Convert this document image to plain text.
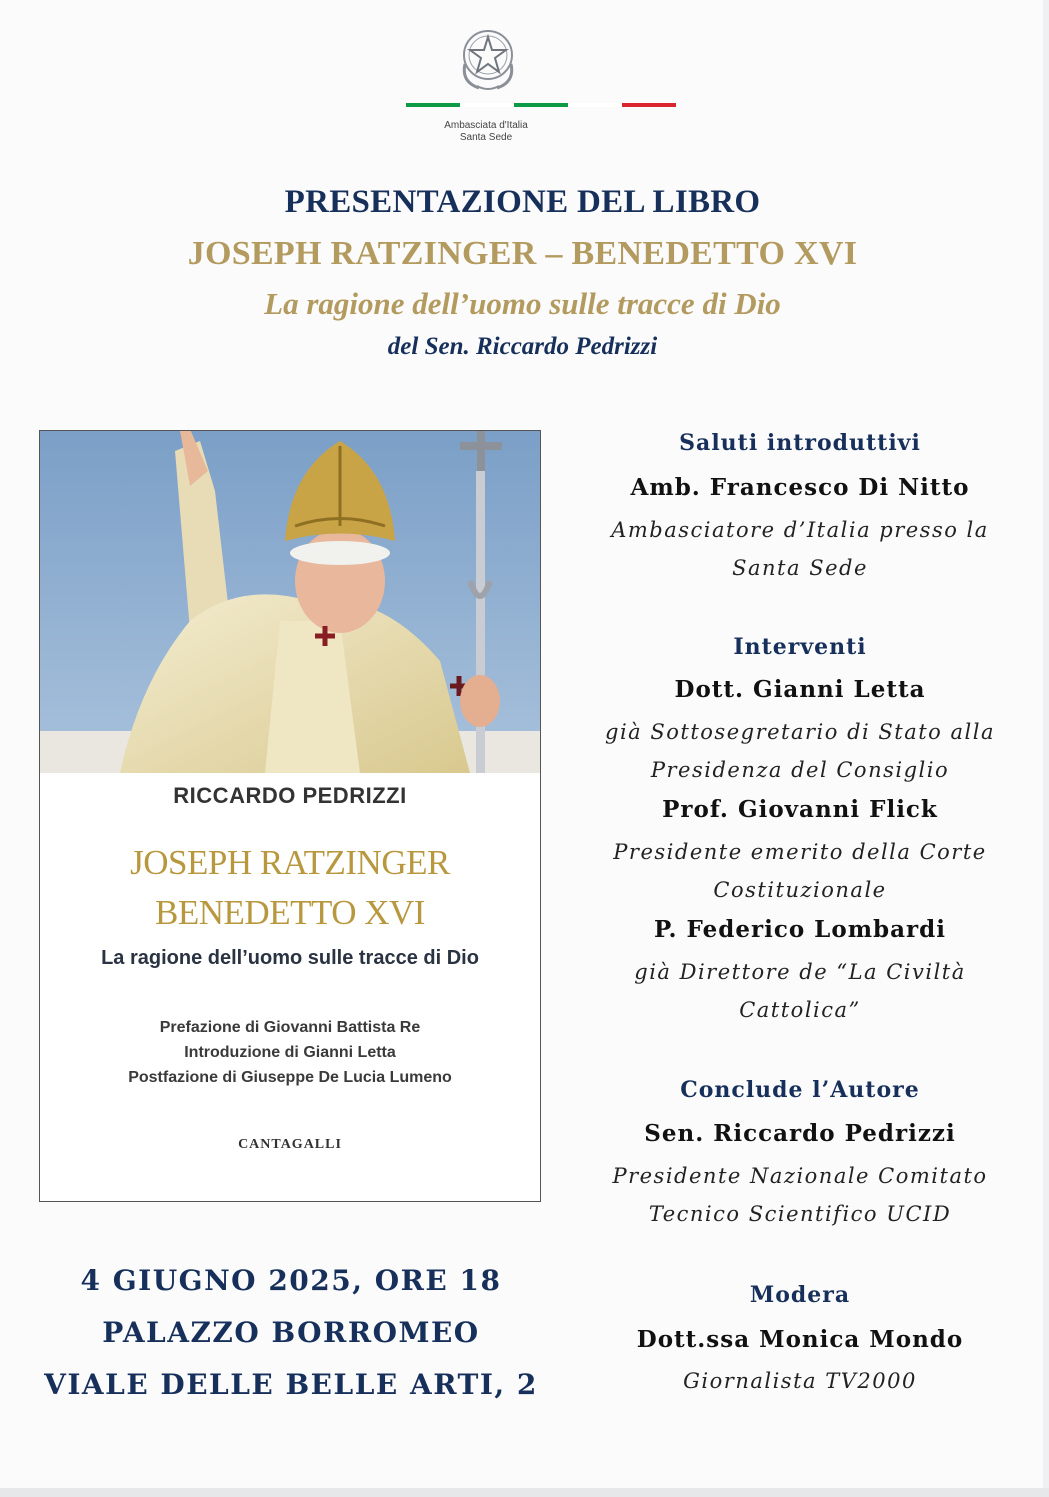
Ambasciata d'Italia
Santa Sede
PRESENTAZIONE DEL LIBRO
JOSEPH RATZINGER – BENEDETTO XVI
La ragione dell’uomo sulle tracce di Dio
del Sen. Riccardo Pedrizzi
RICCARDO PEDRIZZI
JOSEPH RATZINGER
BENEDETTO XVI
La ragione dell’uomo sulle tracce di Dio
Prefazione di Giovanni Battista Re
Introduzione di Gianni Letta
Postfazione di Giuseppe De Lucia Lumeno
CANTAGALLI
4 GIUGNO 2025, ORE 18
PALAZZO BORROMEO
VIALE DELLE BELLE ARTI, 2
Saluti introduttivi
Amb. Francesco Di Nitto
Ambasciatore d’Italia presso la
Santa Sede
Interventi
Dott. Gianni Letta
già Sottosegretario di Stato alla
Presidenza del Consiglio
Prof. Giovanni Flick
Presidente emerito della Corte
Costituzionale
P. Federico Lombardi
già Direttore de “La Civiltà
Cattolica”
Conclude l’Autore
Sen. Riccardo Pedrizzi
Presidente Nazionale Comitato
Tecnico Scientifico UCID
Modera
Dott.ssa Monica Mondo
Giornalista TV2000
